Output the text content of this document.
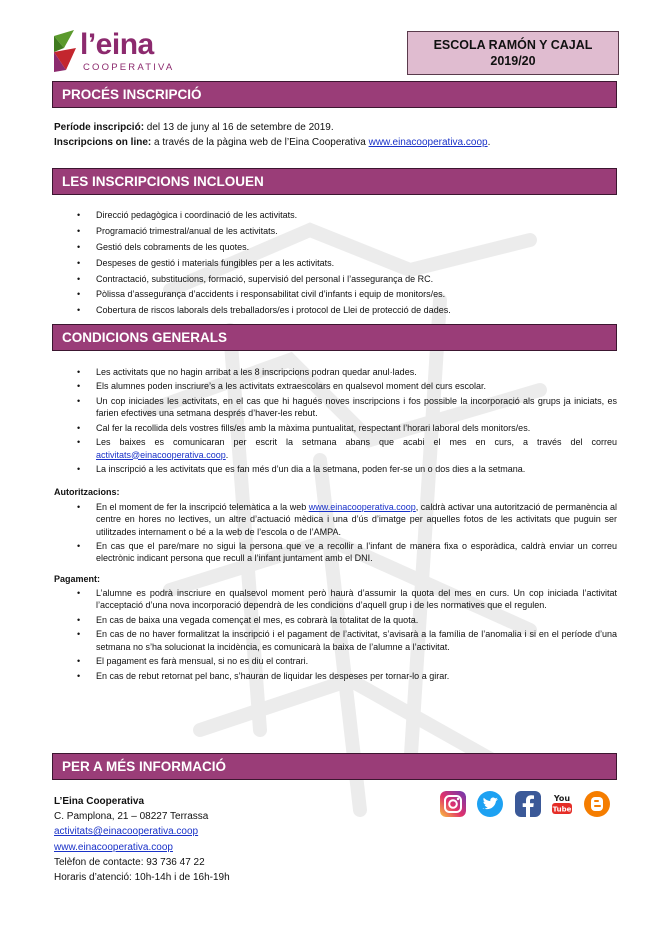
l’eina
COOPERATIVA
ESCOLA RAMÓN Y CAJAL
2019/20
PROCÉS INSCRIPCIÓ
Període inscripció: del 13 de juny al 16 de setembre de 2019.
Inscripcions on line: a través de la pàgina web de l’Eina Cooperativa www.einacooperativa.coop.
LES INSCRIPCIONS INCLOUEN
• Direcció pedagògica i coordinació de les activitats.
• Programació trimestral/anual de les activitats.
• Gestió dels cobraments de les quotes.
• Despeses de gestió i materials fungibles per a les activitats.
• Contractació, substitucions, formació, supervisió del personal i l’assegurança de RC.
• Pòlissa d’assegurança d’accidents i responsabilitat civil d’infants i equip de monitors/es.
• Cobertura de riscos laborals dels treballadors/es i protocol de Llei de protecció de dades.
CONDICIONS GENERALS
• Les activitats que no hagin arribat a les 8 inscripcions podran quedar anul·lades.
• Els alumnes poden inscriure’s a les activitats extraescolars en qualsevol moment del curs escolar.
• Un cop iniciades les activitats, en el cas que hi hagués noves inscripcions i fos possible la incorporació als grups ja iniciats, es farien efectives una setmana després d’haver-les rebut.
• Cal fer la recollida dels vostres fills/es amb la màxima puntualitat, respectant l’horari laboral dels monitors/es.
• Les baixes es comunicaran per escrit la setmana abans que acabi el mes en curs, a través del correu activitats@einacooperativa.coop.
• La inscripció a les activitats que es fan més d’un dia a la setmana, poden fer-se un o dos dies a la setmana.
Autoritzacions:
• En el moment de fer la inscripció telemàtica a la web www.einacooperativa.coop, caldrà activar una autorització de permanència al centre en hores no lectives, un altre d’actuació mèdica i una d’ús d’imatge per aquelles fotos de les activitats que puguin ser utilitzades internament o bé a la web de l’escola o de l’AMPA.
• En cas que el pare/mare no sigui la persona que ve a recollir a l’infant de manera fixa o esporàdica, caldrà enviar un correu electrònic indicant persona que recull a l’infant juntament amb el DNI.
Pagament:
• L’alumne es podrà inscriure en qualsevol moment però haurà d’assumir la quota del mes en curs. Un cop iniciada l’activitat l’acceptació d’una nova incorporació dependrà de les condicions d’aquell grup i de les normatives que el regulen.
• En cas de baixa una vegada començat el mes, es cobrarà la totalitat de la quota.
• En cas de no haver formalitzat la inscripció i el pagament de l’activitat, s’avisarà a la família de l’anomalia i si en el període d’una setmana no s’ha solucionat la incidència, es comunicarà la baixa de l’alumne a l’activitat.
• El pagament es farà mensual, si no es diu el contrari.
• En cas de rebut retornat pel banc, s’hauran de liquidar les despeses per tornar-lo a girar.
PER A MÉS INFORMACIÓ
L’Eina Cooperativa
C. Pamplona, 21 – 08227 Terrassa
activitats@einacooperativa.coop
www.einacooperativa.coop
Telèfon de contacte: 93 736 47 22
Horaris d’atenció: 10h-14h i de 16h-19h
You
Tube
